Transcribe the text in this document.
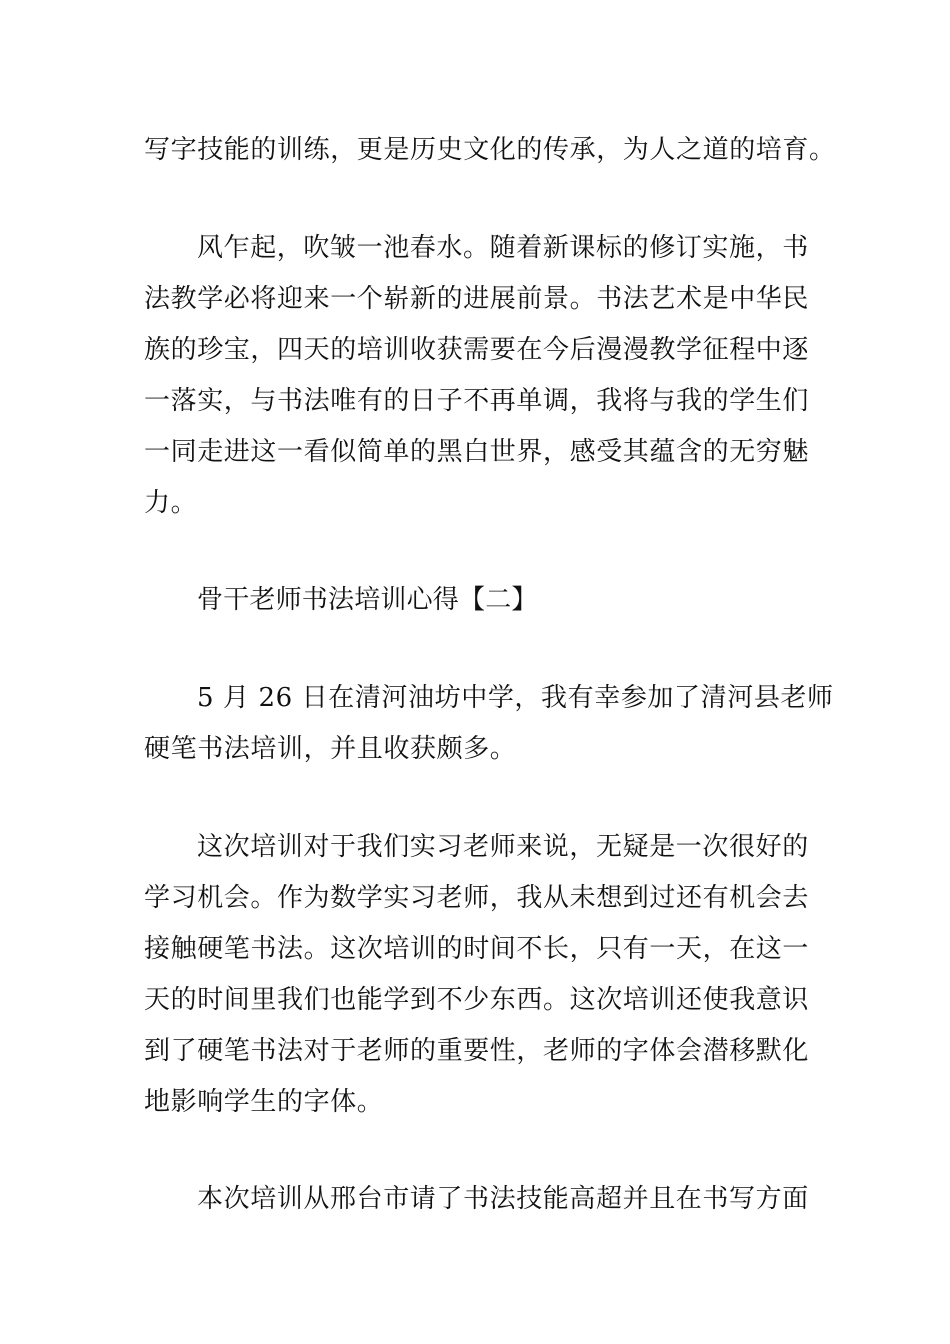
写字技能的训练，更是历史文化的传承，为人之道的培育。
风乍起，吹皱一池春水。随着新课标的修订实施，书
法教学必将迎来一个崭新的进展前景。书法艺术是中华民
族的珍宝，四天的培训收获需要在今后漫漫教学征程中逐
一落实，与书法唯有的日子不再单调，我将与我的学生们
一同走进这一看似简单的黑白世界，感受其蕴含的无穷魅
力。
骨干老师书法培训心得【二】
5 月 26 日在清河油坊中学，我有幸参加了清河县老师
硬笔书法培训，并且收获颇多。
这次培训对于我们实习老师来说，无疑是一次很好的
学习机会。作为数学实习老师，我从未想到过还有机会去
接触硬笔书法。这次培训的时间不长，只有一天，在这一
天的时间里我们也能学到不少东西。这次培训还使我意识
到了硬笔书法对于老师的重要性，老师的字体会潜移默化
地影响学生的字体。
本次培训从邢台市请了书法技能高超并且在书写方面
